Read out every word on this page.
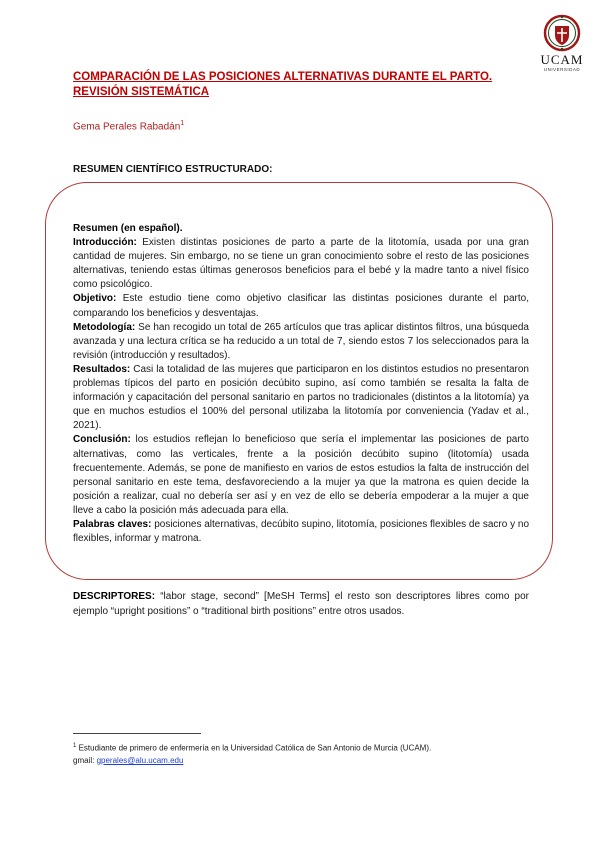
UCAM
UNIVERSIDAD
COMPARACIÓN DE LAS POSICIONES ALTERNATIVAS DURANTE EL PARTO. REVISIÓN SISTEMÁTICA
Gema Perales Rabadán$^1$
RESUMEN CIENTÍFICO ESTRUCTURADO:

Resumen (en español).

Introducción: Existen distintas posiciones de parto a parte de la litotomía, usada por una gran cantidad de mujeres. Sin embargo, no se tiene un gran conocimiento sobre el resto de las posiciones alternativas, teniendo estas últimas generosos beneficios para el bebé y la madre tanto a nivel físico como psicológico.

Objetivo: Este estudio tiene como objetivo clasificar las distintas posiciones durante el parto, comparando los beneficios y desventajas.

Metodología: Se han recogido un total de 265 artículos que tras aplicar distintos filtros, una búsqueda avanzada y una lectura crítica se ha reducido a un total de 7, siendo estos 7 los seleccionados para la revisión (introducción y resultados).

Resultados: Casi la totalidad de las mujeres que participaron en los distintos estudios no presentaron problemas típicos del parto en posición decúbito supino, así como también se resalta la falta de información y capacitación del personal sanitario en partos no tradicionales (distintos a la litotomía) ya que en muchos estudios el 100% del personal utilizaba la litotomía por conveniencia (Yadav et al., 2021).

Conclusión: los estudios reflejan lo beneficioso que sería el implementar las posiciones de parto alternativas, como las verticales, frente a la posición decúbito supino (litotomía) usada frecuentemente. Además, se pone de manifiesto en varios de estos estudios la falta de instrucción del personal sanitario en este tema, desfavoreciendo a la mujer ya que la matrona es quien decide la posición a realizar, cual no debería ser así y en vez de ello se debería empoderar a la mujer a que lleve a cabo la posición más adecuada para ella.

Palabras claves: posiciones alternativas, decúbito supino, litotomía, posiciones flexibles de sacro y no flexibles, informar y matrona.

DESCRIPTORES: “labor stage, second” [MeSH Terms] el resto son descriptores libres como por ejemplo “upright positions” o “traditional birth positions” entre otros usados.
$^1$ Estudiante de primero de enfermería en la Universidad Católica de San Antonio de Murcia (UCAM).
gmail: gperales@alu.ucam.edu
